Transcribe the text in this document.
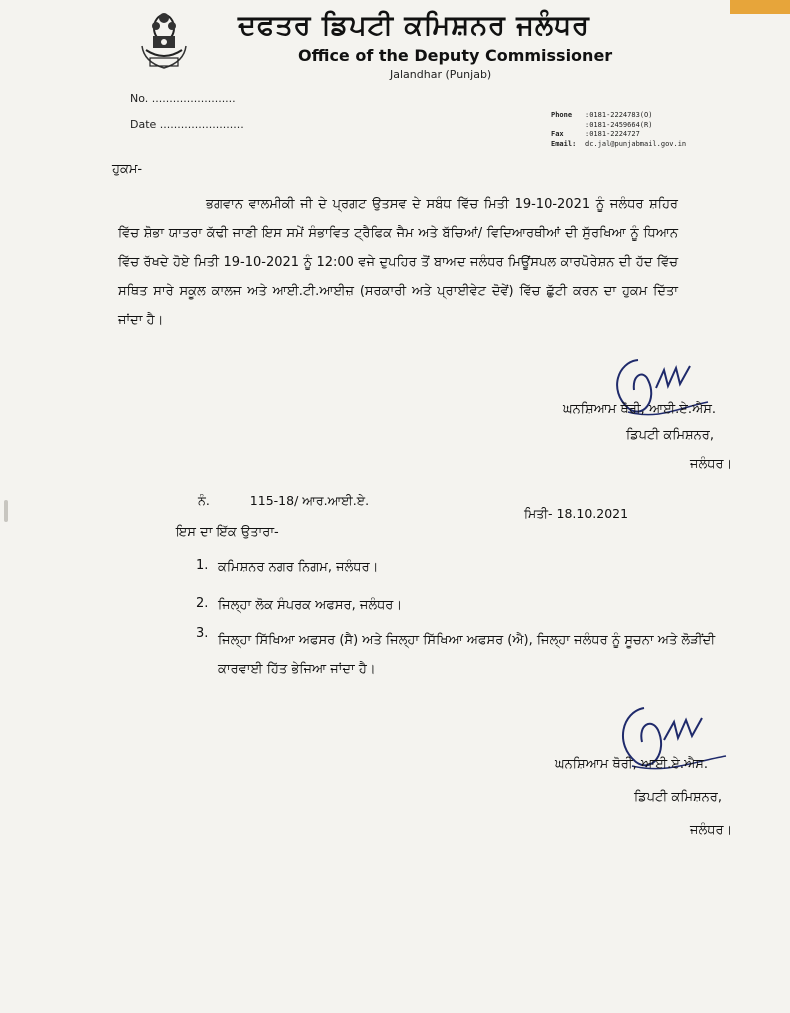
ਦਫਤਰ ਡਿਪਟੀ ਕਮਿਸ਼ਨਰ ਜਲੰਧਰ
Office of the Deputy Commissioner
Jalandhar (Punjab)
No. ........................
Date ........................
Phone	:0181-2224783(O)
:0181-2459664(R)
Fax	:0181-2224727
Email:	dc.jal@punjabmail.gov.in
ਹੁਕਮ-
ਭਗਵਾਨ ਵਾਲਮੀਕੀ ਜੀ ਦੇ ਪ੍ਰਗਟ ਉਤਸਵ ਦੇ ਸਬੰਧ ਵਿੱਚ ਮਿਤੀ 19-10-2021 ਨੂੰ ਜਲੰਧਰ ਸ਼ਹਿਰ ਵਿੱਚ ਸ਼ੋਭਾ ਯਾਤਰਾ ਕੱਢੀ ਜਾਣੀ ਇਸ ਸਮੇਂ ਸੰਭਾਵਿਤ ਟ੍ਰੈਫਿਕ ਜੈਮ ਅਤੇ ਬੱਚਿਆਂ/ ਵਿਦਿਆਰਥੀਆਂ ਦੀ ਸੁੱਰਖਿਆ ਨੂੰ ਧਿਆਨ ਵਿੱਚ ਰੱਖਦੇ ਹੋਏ ਮਿਤੀ 19-10-2021 ਨੂੰ 12:00 ਵਜੇ ਦੁਪਹਿਰ ਤੋਂ ਬਾਅਦ ਜਲੰਧਰ ਮਿਊਂਸਪਲ ਕਾਰਪੋਰੇਸ਼ਨ ਦੀ ਹੱਦ ਵਿੱਚ ਸਥਿਤ ਸਾਰੇ ਸਕੂਲ ਕਾਲਜ ਅਤੇ ਆਈ.ਟੀ.ਆਈਜ਼ (ਸਰਕਾਰੀ ਅਤੇ ਪ੍ਰਾਈਵੇਟ ਦੋਵੇਂ) ਵਿੱਚ ਛੁੱਟੀ ਕਰਨ ਦਾ ਹੁਕਮ ਦਿੱਤਾ ਜਾਂਦਾ ਹੈ।
ਘਨਸ਼ਿਆਮ ਥੋਰੀ, ਆਈ.ਏ.ਐਸ.
ਡਿਪਟੀ ਕਮਿਸ਼ਨਰ,
ਜਲੰਧਰ।
ਨੰ.	115-18/ ਆਰ.ਆਈ.ਏ.
ਮਿਤੀ- 18.10.2021
ਇਸ ਦਾ ਇੱਕ ਉਤਾਰਾ-
1. ਕਮਿਸ਼ਨਰ ਨਗਰ ਨਿਗਮ, ਜਲੰਧਰ।
2. ਜਿਲ੍ਹਾ ਲੋਕ ਸੰਪਰਕ ਅਫਸਰ, ਜਲੰਧਰ।
3. ਜਿਲ੍ਹਾ ਸਿੱਖਿਆ ਅਫਸਰ (ਸੈ) ਅਤੇ ਜਿਲ੍ਹਾ ਸਿੱਖਿਆ ਅਫਸਰ (ਐ), ਜਿਲ੍ਹਾ ਜਲੰਧਰ ਨੂੰ ਸੂਚਨਾ ਅਤੇ ਲੋੜੀਂਦੀ ਕਾਰਵਾਈ ਹਿੱਤ ਭੇਜਿਆ ਜਾਂਦਾ ਹੈ।
ਘਨਸ਼ਿਆਮ ਥੋਰੀ, ਆਈ.ਏ.ਐਸ.
ਡਿਪਟੀ ਕਮਿਸ਼ਨਰ,
ਜਲੰਧਰ।
